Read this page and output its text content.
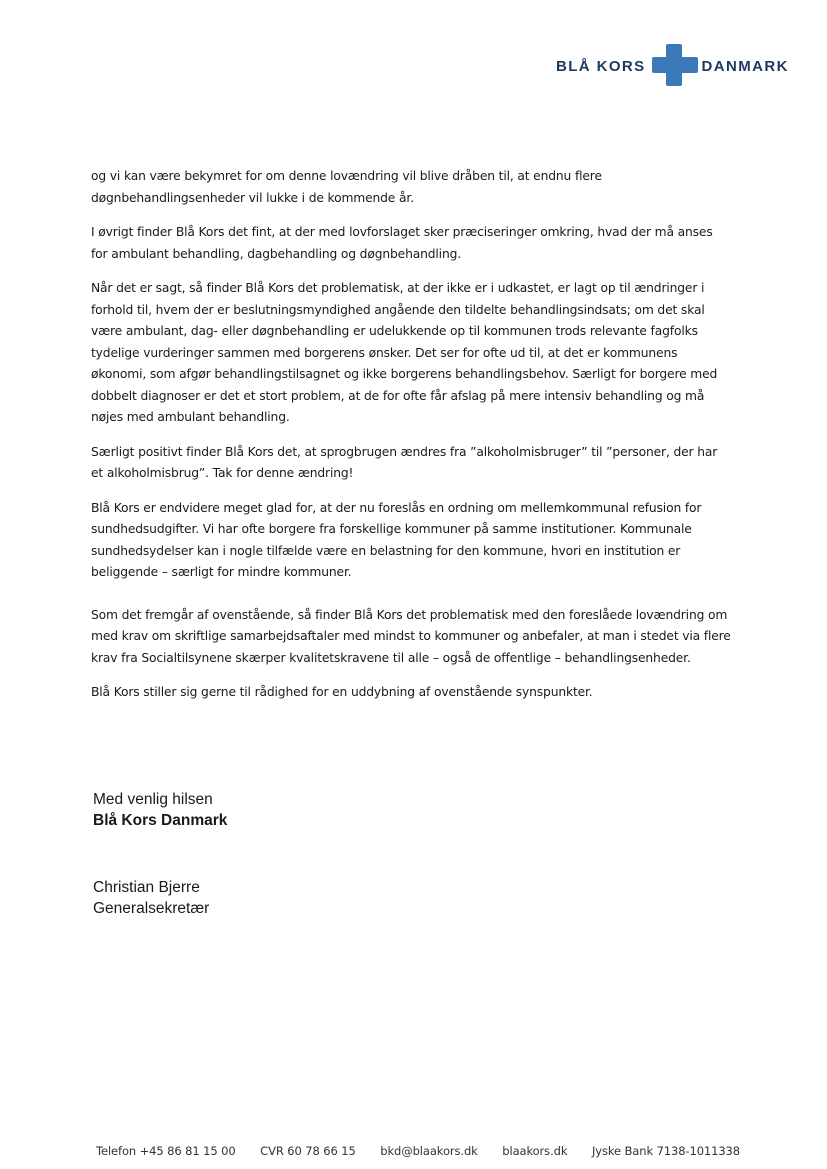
BLÅ KORS	DANMARK

og vi kan være bekymret for om denne lovændring vil blive dråben til, at endnu flere døgnbehandlingsenheder vil lukke i de kommende år.

I øvrigt finder Blå Kors det fint, at der med lovforslaget sker præciseringer omkring, hvad der må anses for ambulant behandling, dagbehandling og døgnbehandling.

Når det er sagt, så finder Blå Kors det problematisk, at der ikke er i udkastet, er lagt op til ændringer i forhold til, hvem der er beslutningsmyndighed angående den tildelte behandlingsindsats; om det skal være ambulant, dag- eller døgnbehandling er udelukkende op til kommunen trods relevante fagfolks tydelige vurderinger sammen med borgerens ønsker. Det ser for ofte ud til, at det er kommunens økonomi, som afgør behandlingstilsagnet og ikke borgerens behandlingsbehov. Særligt for borgere med dobbelt diagnoser er det et stort problem, at de for ofte får afslag på mere intensiv behandling og må nøjes med ambulant behandling.

Særligt positivt finder Blå Kors det, at sprogbrugen ændres fra ”alkoholmisbruger” til ”personer, der har et alkoholmisbrug”. Tak for denne ændring!

Blå Kors er endvidere meget glad for, at der nu foreslås en ordning om mellemkommunal refusion for sundhedsudgifter. Vi har ofte borgere fra forskellige kommuner på samme institutioner. Kommunale sundhedsydelser kan i nogle tilfælde være en belastning for den kommune, hvori en institution er beliggende – særligt for mindre kommuner.

Som det fremgår af ovenstående, så finder Blå Kors det problematisk med den foreslåede lovændring om med krav om skriftlige samarbejdsaftaler med mindst to kommuner og anbefaler, at man i stedet via flere krav fra Socialtilsynene skærper kvalitetskravene til alle – også de offentlige – behandlingsenheder.

Blå Kors stiller sig gerne til rådighed for en uddybning af ovenstående synspunkter.

Med venlig hilsen
Blå Kors Danmark
Christian Bjerre
Generalsekretær
Telefon +45 86 81 15 00 CVR 60 78 66 15 bkd@blaakors.dk blaakors.dk Jyske Bank 7138-1011338
